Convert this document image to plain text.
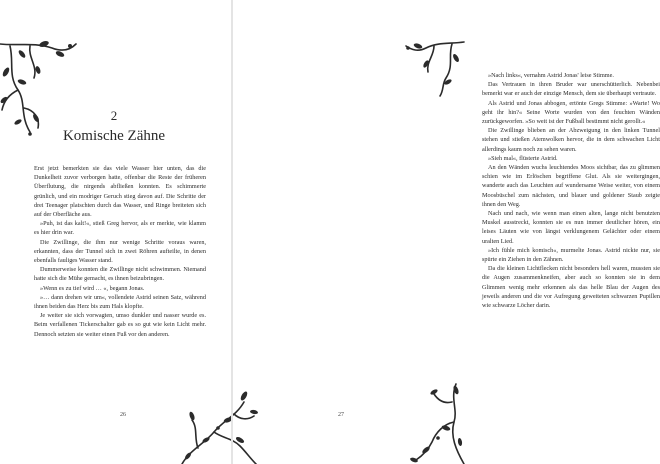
2
Komische Zähne

Erst jetzt bemerkten sie das viele Wasser hier unten, das die Dunkelheit zuvor verborgen hatte, offenbar die Reste der früheren Überflutung, die nirgends abfließen konnten. Es schimmerte grünlich, und ein modriger Geruch stieg davon auf. Die Schritte der drei Teenager platschten durch das Wasser, und Ringe breiteten sich auf der Oberfläche aus.

»Puh, ist das kalt!«, stieß Greg hervor, als er merkte, wie klamm es hier drin war.

Die Zwillinge, die ihm nur wenige Schritte voraus waren, erkannten, dass der Tunnel sich in zwei Röhren aufteilte, in denen ebenfalls fauliges Wasser stand.

Dummerweise konnten die Zwillinge nicht schwimmen. Niemand hatte sich die Mühe gemacht, es ihnen beizubringen.

»Wenn es zu tief wird … «, begann Jonas.

»… dann drehen wir um«, vollendete Astrid seinen Satz, während ihnen beiden das Herz bis zum Hals klopfte.

Je weiter sie sich vorwagten, umso dunkler und nasser wurde es. Beim verfallenen Tickerschalter gab es so gut wie kein Licht mehr. Dennoch setzten sie weiter einen Fuß vor den anderen.

26

»Nach links«, vernahm Astrid Jonas' leise Stimme.

Das Vertrauen in ihren Bruder war unerschütterlich. Nebenbei bemerkt war er auch der einzige Mensch, dem sie überhaupt vertraute.

Als Astrid und Jonas abbogen, ertönte Gregs Stimme: »Warte! Wo geht ihr hin?« Seine Worte wurden von den feuchten Wänden zurückgeworfen. »So weit ist der Fußball bestimmt nicht gerollt.«

Die Zwillinge blieben an der Abzweigung in den linken Tunnel stehen und stießen Atemwolken hervor, die in dem schwachen Licht allerdings kaum noch zu sehen waren.

»Sieh mal«, flüsterte Astrid.

An den Wänden wuchs leuchtendes Moos sichtbar, das zu glimmen schien wie im Erlöschen begriffene Glut. Als sie weitergingen, wanderte auch das Leuchten auf wundersame Weise weiter, von einem Moosbüschel zum nächsten, und blauer und goldener Staub zeigte ihnen den Weg.

Nach und nach, wie wenn man einen alten, lange nicht benutzten Muskel ausstreckt, konnten sie es nun immer deutlicher hören, ein leises Läuten wie von längst verklungenem Gelächter oder einem uralten Lied.

»Ich fühle mich komisch«, murmelte Jonas. Astrid nickte nur, sie spürte ein Ziehen in den Zähnen.

Da die kleinen Lichtflecken nicht besonders hell waren, mussten sie die Augen zusammenkneifen, aber auch so konnten sie in dem Glimmen wenig mehr erkennen als das helle Blau der Augen des jeweils anderen und die vor Aufregung geweiteten schwarzen Pupillen wie schwarze Löcher darin.

27
